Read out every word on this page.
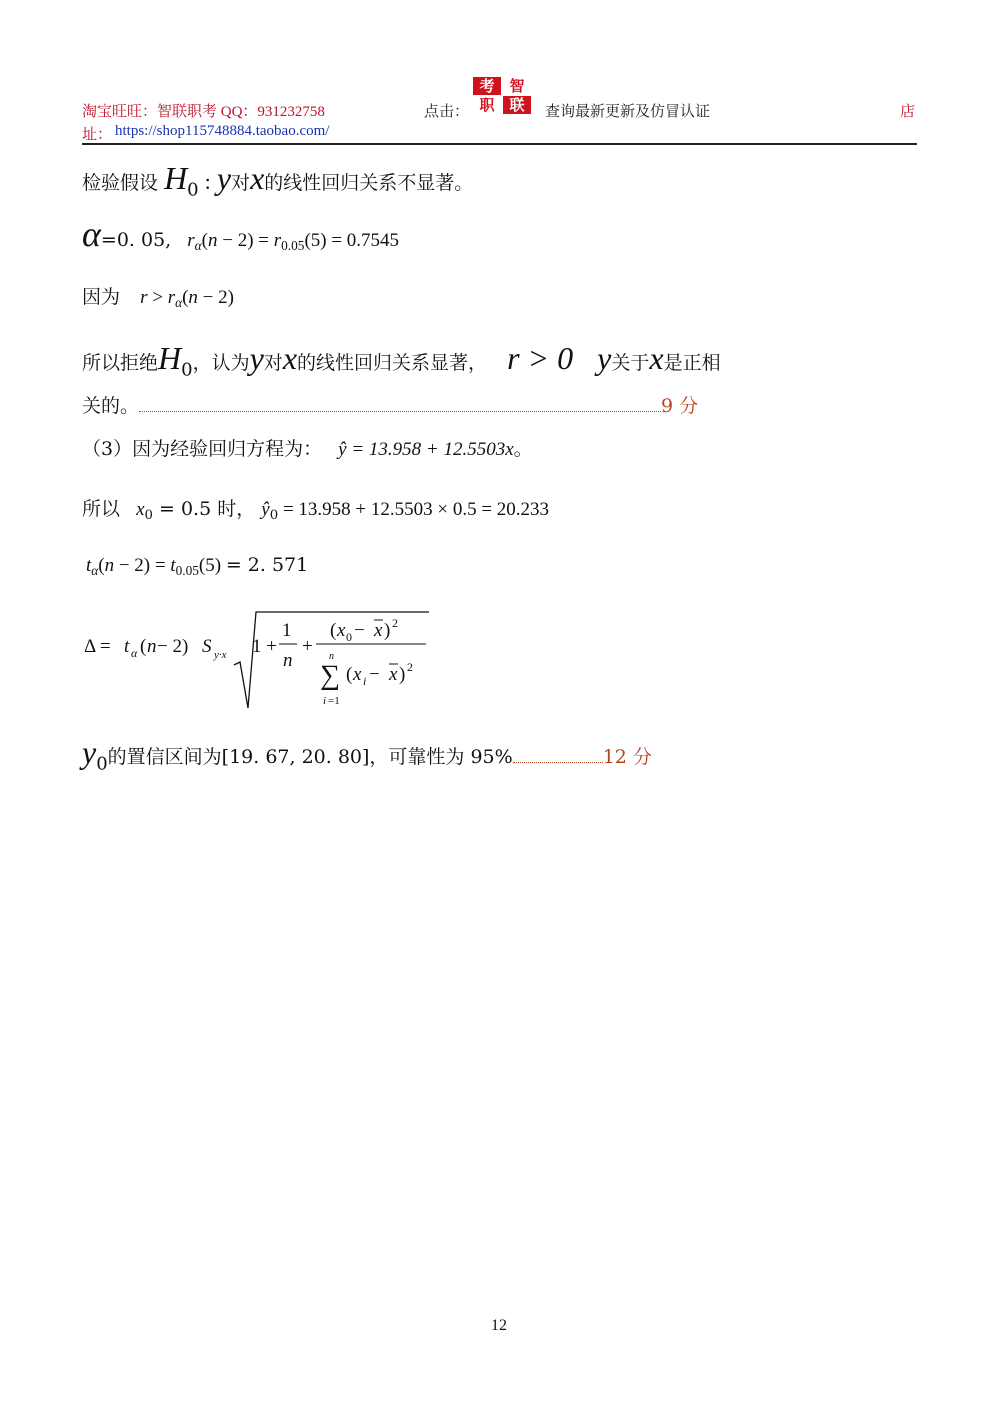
淘宝旺旺：智联职考 QQ：931232758	点击：
考 智
职 联	查询最新更新及仿冒认证	店
址： https://shop115748884.taobao.com/
检验假设 H0 : y对x的线性回归关系不显著。
α=0. 05, $r_\alpha(n - 2) = r_{0.05}(5) = 0.7545$
因为 $r > r_\alpha(n - 2)$
所以拒绝H0，认为y对x的线性回归关系显著， r > 0 y关于x是正相
关的。	9 分
（3）因为经验回归方程为： ŷ = 13.958 + 12.5503x。
所以 $x_0 = 0.5$ 时， $ŷ_0 = 13.958 + 12.5503 \times 0.5 = 20.233$
$t_\alpha(n - 2) = t_{0.05}(5) = 2$. 571
Δ = t α ( n − 2) S y·x 1 +
1
n
+
( x 0 − x ) 2
n
∑
i =1
( x i − x ) 2
y0的置信区间为[19. 67, 20. 80]，可靠性为 95%	12 分
12
